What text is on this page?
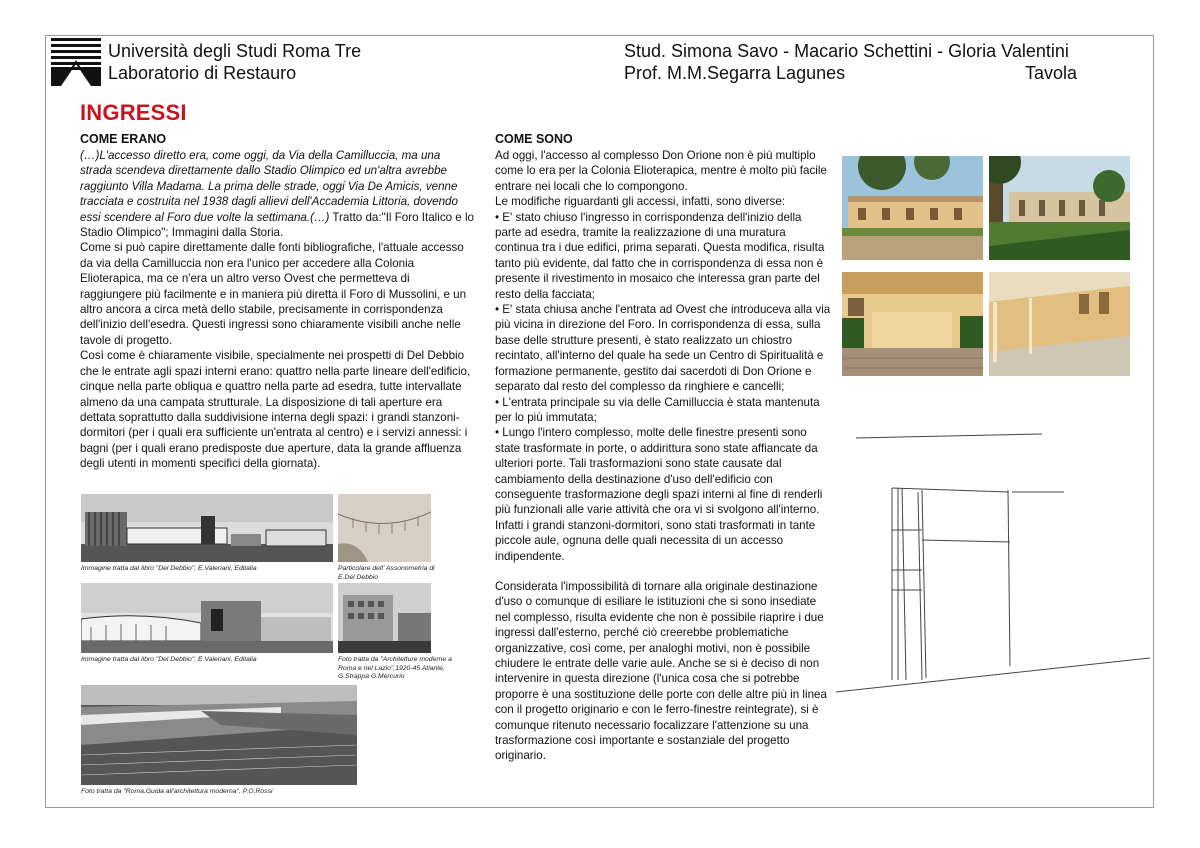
Università degli Studi Roma Tre
Laboratorio di Restauro
Stud. Simona Savo - Macario Schettini - Gloria Valentini
Prof. M.M.Segarra Lagunes	Tavola
INGRESSI
COME ERANO

(…)L'accesso diretto era, come oggi, da Via della Camilluccia, ma una strada scendeva direttamente dallo Stadio Olimpico ed un'altra avrebbe raggiunto Villa Madama. La prima delle strade, oggi Via De Amicis, venne tracciata e costruita nel 1938 dagli allievi dell'Accademia Littoria, dovendo essi scendere al Foro due volte la settimana.(…) Tratto da:"Il Foro Italico e lo Stadio Olimpico"; Immagini dalla Storia.

Come si può capire direttamente dalle fonti bibliografiche, l'attuale accesso da via della Camilluccia non era l'unico per accedere alla Colonia Elioterapica, ma ce n'era un altro verso Ovest che permetteva di raggiungere più facilmente e in maniera più diretta il Foro di Mussolini, e un altro ancora a circa metà dello stabile, precisamente in corrispondenza dell'inizio dell'esedra. Questi ingressi sono chiaramente visibili anche nelle tavole di progetto.

Così come è chiaramente visibile, specialmente nei prospetti di Del Debbio che le entrate agli spazi interni erano: quattro nella parte lineare dell'edificio, cinque nella parte obliqua e quattro nella parte ad esedra, tutte intervallate almeno da una campata strutturale. La disposizione di tali aperture era dettata soprattutto dalla suddivisione interna degli spazi: i grandi stanzoni-dormitori (per i quali era sufficiente un'entrata al centro) e i servizi annessi: i bagni (per i quali erano predisposte due aperture, data la grande affluenza degli utenti in momenti specifici della giornata).

COME SONO

Ad oggi, l'accesso al complesso Don Orione non è più multiplo come lo era per la Colonia Elioterapica, mentre è molto più facile entrare nei locali che lo compongono.

Le modifiche riguardanti gli accessi, infatti, sono diverse:

• E' stato chiuso l'ingresso in corrispondenza dell'inizio della parte ad esedra, tramite la realizzazione di una muratura continua tra i due edifici, prima separati. Questa modifica, risulta tanto più evidente, dal fatto che in corrispondenza di essa non è presente il rivestimento in mosaico che interessa gran parte del resto della facciata;

• E' stata chiusa anche l'entrata ad Ovest che introduceva alla via più vicina in direzione del Foro. In corrispondenza di essa, sulla base delle strutture presenti, è stato realizzato un chiostro recintato, all'interno del quale ha sede un Centro di Spiritualità e formazione permanente, gestito dai sacerdoti di Don Orione e separato dal resto del complesso da ringhiere e cancelli;

• L'entrata principale su via delle Camilluccia è stata mantenuta per lo più immutata;

• Lungo l'intero complesso, molte delle finestre presenti sono state trasformate in porte, o addirittura sono state affiancate da ulteriori porte. Tali trasformazioni sono state causate dal cambiamento della destinazione d'uso dell'edificio con conseguente trasformazione degli spazi interni al fine di renderli più funzionali alle varie attività che ora vi si svolgono all'interno. Infatti i grandi stanzoni-dormitori, sono stati trasformati in tante piccole aule, ognuna delle quali necessita di un accesso indipendente.

Considerata l'impossibilità di tornare alla originale destinazione d'uso o comunque di esiliare le istituzioni che si sono insediate nel complesso, risulta evidente che non è possibile riaprire i due ingressi dall'esterno, perché ciò creerebbe problematiche organizzative, così come, per analoghi motivi, non è possibile chiudere le entrate delle varie aule. Anche se si è deciso di non intervenire in questa direzione (l'unica cosa che si potrebbe proporre è una sostituzione delle porte con delle altre più in linea con il progetto originario e con le ferro-finestre reintegrate), si è comunque ritenuto necessario focalizzare l'attenzione su una trasformazione così importante e sostanziale del progetto originario.

Immagine tratta dal libro "Del Debbio", E.Valeriani, Editalia	Particolare dell' Assonometria di E.Del Debbio
Immagine tratta dal libro "Del Debbio", E.Valeriani, Editalia	Foto tratta da "Architetture moderne a Roma e nel Lazio",1920-45 Atlante, G.Strappa G.Mercurio
Foto tratta da "Roma.Guida all'architettura moderna", P.O.Rossi
